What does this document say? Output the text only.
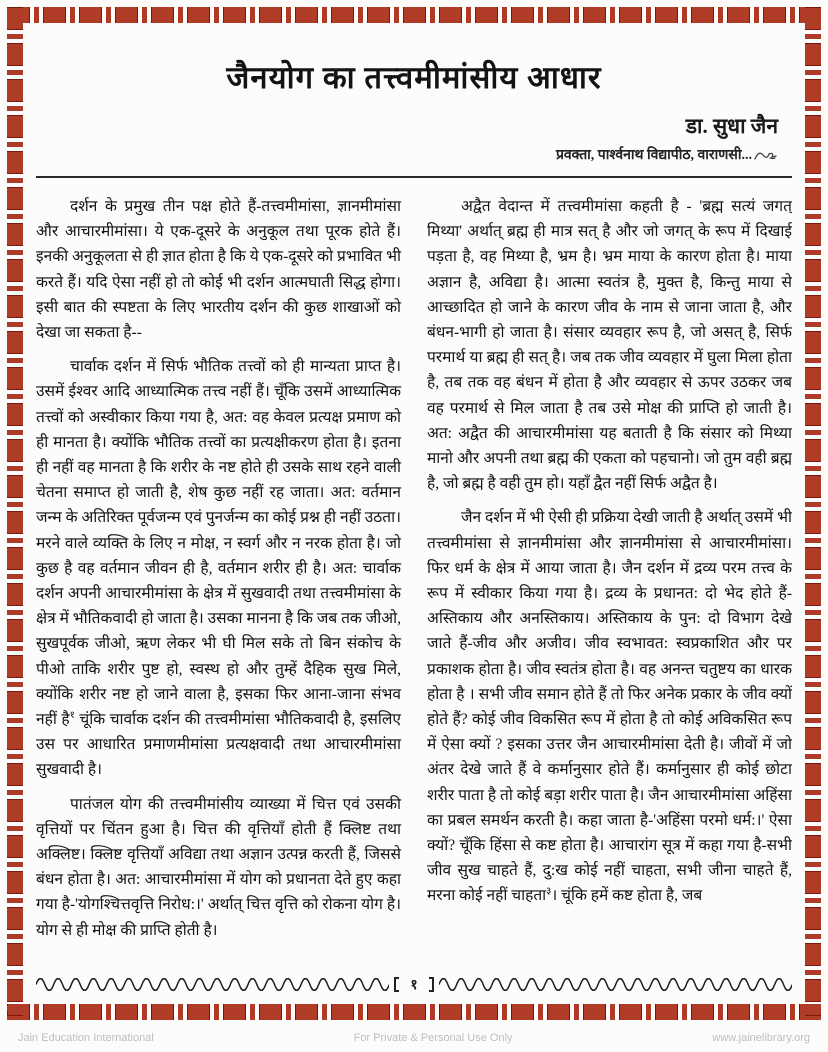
जैनयोग का तत्त्वमीमांसीय आधार
डा. सुधा जैन
प्रवक्ता, पार्श्वनाथ विद्यापीठ, वाराणसी...

दर्शन के प्रमुख तीन पक्ष होते हैं-तत्त्वमीमांसा, ज्ञानमीमांसा और आचारमीमांसा। ये एक-दूसरे के अनुकूल तथा पूरक होते हैं। इनकी अनुकूलता से ही ज्ञात होता है कि ये एक-दूसरे को प्रभावित भी करते हैं। यदि ऐसा नहीं हो तो कोई भी दर्शन आत्मघाती सिद्ध होगा। इसी बात की स्पष्टता के लिए भारतीय दर्शन की कुछ शाखाओं को देखा जा सकता है--

चार्वाक दर्शन में सिर्फ भौतिक तत्त्वों को ही मान्यता प्राप्त है। उसमें ईश्वर आदि आध्यात्मिक तत्त्व नहीं हैं। चूँकि उसमें आध्यात्मिक तत्त्वों को अस्वीकार किया गया है, अत: वह केवल प्रत्यक्ष प्रमाण को ही मानता है। क्योंकि भौतिक तत्त्वों का प्रत्यक्षीकरण होता है। इतना ही नहीं वह मानता है कि शरीर के नष्ट होते ही उसके साथ रहने वाली चेतना समाप्त हो जाती है, शेष कुछ नहीं रह जाता। अत: वर्तमान जन्म के अतिरिक्त पूर्वजन्म एवं पुनर्जन्म का कोई प्रश्न ही नहीं उठता। मरने वाले व्यक्ति के लिए न मोक्ष, न स्वर्ग और न नरक होता है। जो कुछ है वह वर्तमान जीवन ही है, वर्तमान शरीर ही है। अत: चार्वाक दर्शन अपनी आचारमीमांसा के क्षेत्र में सुखवादी तथा तत्त्वमीमांसा के क्षेत्र में भौतिकवादी हो जाता है। उसका मानना है कि जब तक जीओ, सुखपूर्वक जीओ, ऋण लेकर भी घी मिल सके तो बिन संकोच के पीओ ताकि शरीर पुष्ट हो, स्वस्थ हो और तुम्हें दैहिक सुख मिले, क्योंकि शरीर नष्ट हो जाने वाला है, इसका फिर आना-जाना संभव नहीं है$^१$ चूंकि चार्वाक दर्शन की तत्त्वमीमांसा भौतिकवादी है, इसलिए उस पर आधारित प्रमाणमीमांसा प्रत्यक्षवादी तथा आचारमीमांसा सुखवादी है।

पातंजल योग की तत्त्वमीमांसीय व्याख्या में चित्त एवं उसकी वृत्तियों पर चिंतन हुआ है। चित्त की वृत्तियाँ होती हैं क्लिष्ट तथा अक्लिष्ट। क्लिष्ट वृत्तियाँ अविद्या तथा अज्ञान उत्पन्न करती हैं, जिससे बंधन होता है। अत: आचारमीमांसा में योग को प्रधानता देते हुए कहा गया है-'योगश्चित्तवृत्ति निरोध:।' अर्थात् चित्त वृत्ति को रोकना योग है। योग से ही मोक्ष की प्राप्ति होती है।

अद्वैत वेदान्त में तत्त्वमीमांसा कहती है - 'ब्रह्म सत्यं जगत् मिथ्या' अर्थात् ब्रह्म ही मात्र सत् है और जो जगत् के रूप में दिखाई पड़ता है, वह मिथ्या है, भ्रम है। भ्रम माया के कारण होता है। माया अज्ञान है, अविद्या है। आत्मा स्वतंत्र है, मुक्त है, किन्तु माया से आच्छादित हो जाने के कारण जीव के नाम से जाना जाता है, और बंधन-भागी हो जाता है। संसार व्यवहार रूप है, जो असत् है, सिर्फ परमार्थ या ब्रह्म ही सत् है। जब तक जीव व्यवहार में घुला मिला होता है, तब तक वह बंधन में होता है और व्यवहार से ऊपर उठकर जब वह परमार्थ से मिल जाता है तब उसे मोक्ष की प्राप्ति हो जाती है। अत: अद्वैत की आचारमीमांसा यह बताती है कि संसार को मिथ्या मानो और अपनी तथा ब्रह्म की एकता को पहचानो। जो तुम वही ब्रह्म है, जो ब्रह्म है वही तुम हो। यहाँ द्वैत नहीं सिर्फ अद्वैत है।

जैन दर्शन में भी ऐसी ही प्रक्रिया देखी जाती है अर्थात् उसमें भी तत्त्वमीमांसा से ज्ञानमीमांसा और ज्ञानमीमांसा से आचारमीमांसा। फिर धर्म के क्षेत्र में आया जाता है। जैन दर्शन में द्रव्य परम तत्त्व के रूप में स्वीकार किया गया है। द्रव्य के प्रधानत: दो भेद होते हैं-अस्तिकाय और अनस्तिकाय। अस्तिकाय के पुन: दो विभाग देखे जाते हैं-जीव और अजीव। जीव स्वभावत: स्वप्रकाशित और पर प्रकाशक होता है। जीव स्वतंत्र होता है। वह अनन्त चतुष्टय का धारक होता है । सभी जीव समान होते हैं तो फिर अनेक प्रकार के जीव क्यों होते हैं? कोई जीव विकसित रूप में होता है तो कोई अविकसित रूप में ऐसा क्यों ? इसका उत्तर जैन आचारमीमांसा देती है। जीवों में जो अंतर देखे जाते हैं वे कर्मानुसार होते हैं। कर्मानुसार ही कोई छोटा शरीर पाता है तो कोई बड़ा शरीर पाता है। जैन आचारमीमांसा अहिंसा का प्रबल समर्थन करती है। कहा जाता है-'अहिंसा परमो धर्म:।' ऐसा क्यों? चूँकि हिंसा से कष्ट होता है। आचारांग सूत्र में कहा गया है-सभी जीव सुख चाहते हैं, दु:ख कोई नहीं चाहता, सभी जीना चाहते हैं, मरना कोई नहीं चाहता$^३$। चूंकि हमें कष्ट होता है, जब

१
Jain Education International	For Private & Personal Use Only	www.jainelibrary.org
